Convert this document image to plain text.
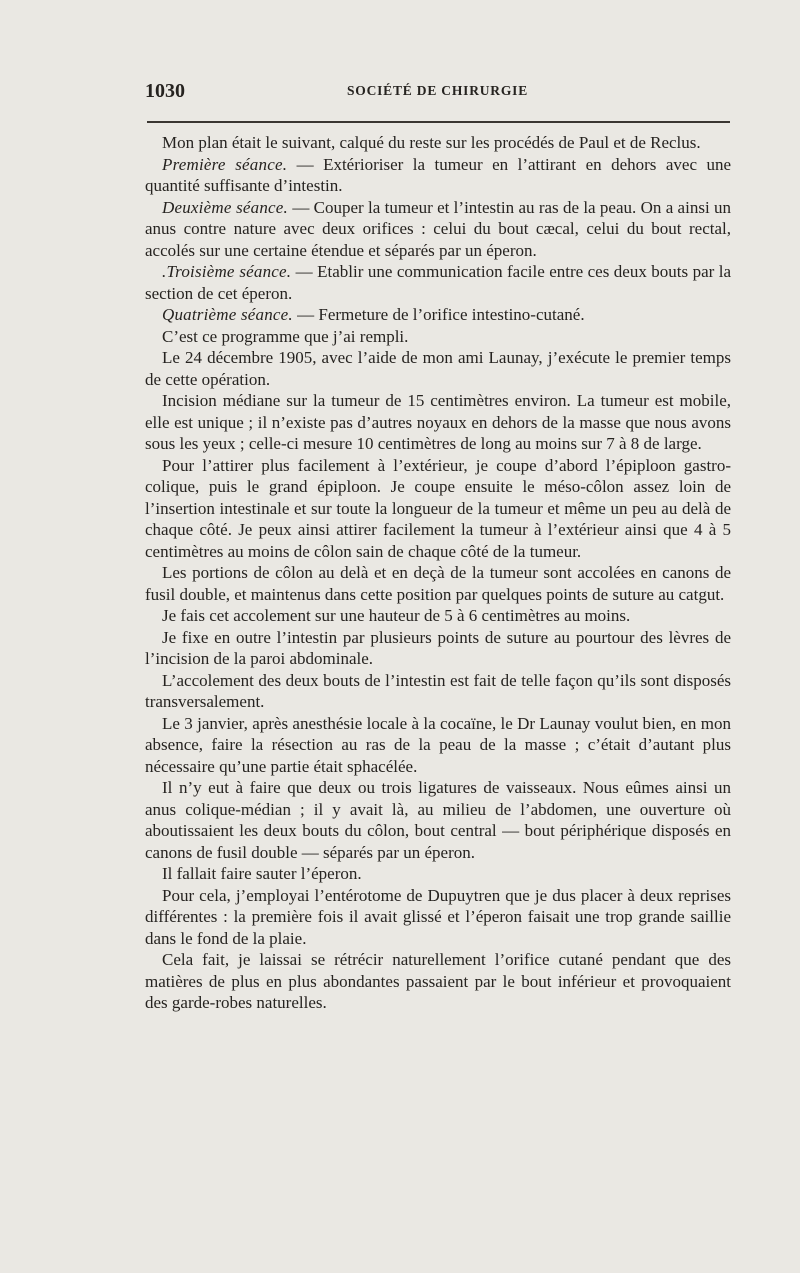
1030	SOCIÉTÉ DE CHIRURGIE

Mon plan était le suivant, calqué du reste sur les procédés de Paul et de Reclus.

Première séance. — Extérioriser la tumeur en l’attirant en dehors avec une quantité suffisante d’intestin.

Deuxième séance. — Couper la tumeur et l’intestin au ras de la peau. On a ainsi un anus contre nature avec deux orifices : celui du bout cæcal, celui du bout rectal, accolés sur une certaine étendue et séparés par un éperon.

.Troisième séance. — Etablir une communication facile entre ces deux bouts par la section de cet éperon.

Quatrième séance. — Fermeture de l’orifice intestino-cutané.

C’est ce programme que j’ai rempli.

Le 24 décembre 1905, avec l’aide de mon ami Launay, j’exécute le premier temps de cette opération.

Incision médiane sur la tumeur de 15 centimètres environ. La tumeur est mobile, elle est unique ; il n’existe pas d’autres noyaux en dehors de la masse que nous avons sous les yeux ; celle-ci mesure 10 centimètres de long au moins sur 7 à 8 de large.

Pour l’attirer plus facilement à l’extérieur, je coupe d’abord l’épiploon gastro-colique, puis le grand épiploon. Je coupe ensuite le méso-côlon assez loin de l’insertion intestinale et sur toute la longueur de la tumeur et même un peu au delà de chaque côté. Je peux ainsi attirer facilement la tumeur à l’extérieur ainsi que 4 à 5 centimètres au moins de côlon sain de chaque côté de la tumeur.

Les portions de côlon au delà et en deçà de la tumeur sont accolées en canons de fusil double, et maintenus dans cette position par quelques points de suture au catgut.

Je fais cet accolement sur une hauteur de 5 à 6 centimètres au moins.

Je fixe en outre l’intestin par plusieurs points de suture au pourtour des lèvres de l’incision de la paroi abdominale.

L’accolement des deux bouts de l’intestin est fait de telle façon qu’ils sont disposés transversalement.

Le 3 janvier, après anesthésie locale à la cocaïne, le Dr Launay voulut bien, en mon absence, faire la résection au ras de la peau de la masse ; c’était d’autant plus nécessaire qu’une partie était sphacélée.

Il n’y eut à faire que deux ou trois ligatures de vaisseaux. Nous eûmes ainsi un anus colique-médian ; il y avait là, au milieu de l’abdomen, une ouverture où aboutissaient les deux bouts du côlon, bout central — bout périphérique disposés en canons de fusil double — séparés par un éperon.

Il fallait faire sauter l’éperon.

Pour cela, j’employai l’entérotome de Dupuytren que je dus placer à deux reprises différentes : la première fois il avait glissé et l’éperon faisait une trop grande saillie dans le fond de la plaie.

Cela fait, je laissai se rétrécir naturellement l’orifice cutané pendant que des matières de plus en plus abondantes passaient par le bout inférieur et provoquaient des garde-robes naturelles.
